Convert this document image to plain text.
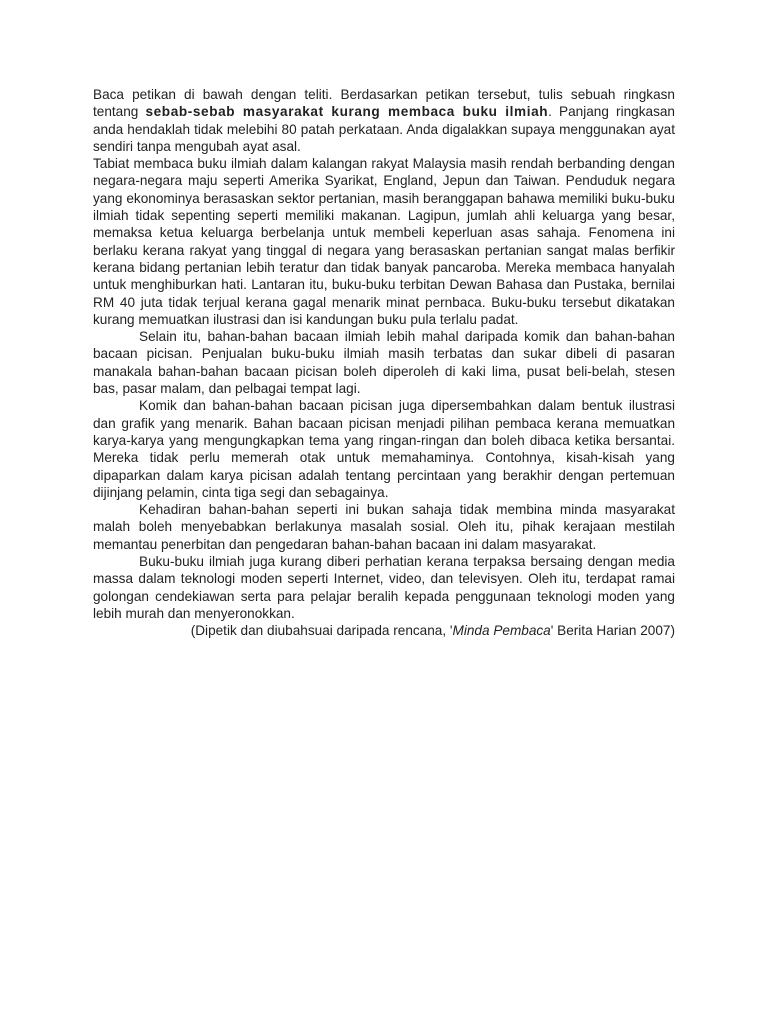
Baca petikan di bawah dengan teliti. Berdasarkan petikan tersebut, tulis sebuah ringkasn tentang sebab-sebab masyarakat kurang membaca buku ilmiah. Panjang ringkasan anda hendaklah tidak melebihi 80 patah perkataan. Anda digalakkan supaya menggunakan ayat sendiri tanpa mengubah ayat asal.

Tabiat membaca buku ilmiah dalam kalangan rakyat Malaysia masih rendah berbanding dengan negara-negara maju seperti Amerika Syarikat, England, Jepun dan Taiwan. Penduduk negara yang ekonominya berasaskan sektor pertanian, masih beranggapan bahawa memiliki buku-buku ilmiah tidak sepenting seperti memiliki makanan. Lagipun, jumlah ahli keluarga yang besar, memaksa ketua keluarga berbelanja untuk membeli keperluan asas sahaja. Fenomena ini berlaku kerana rakyat yang tinggal di negara yang berasaskan pertanian sangat malas berfikir kerana bidang pertanian lebih teratur dan tidak banyak pancaroba. Mereka membaca hanyalah untuk menghiburkan hati. Lantaran itu, buku-buku terbitan Dewan Bahasa dan Pustaka, bernilai RM 40 juta tidak terjual kerana gagal menarik minat pernbaca. Buku-buku tersebut dikatakan kurang memuatkan ilustrasi dan isi kandungan buku pula terlalu padat.

Selain itu, bahan-bahan bacaan ilmiah lebih mahal daripada komik dan bahan-bahan bacaan picisan. Penjualan buku-buku ilmiah masih terbatas dan sukar dibeli di pasaran manakala bahan-bahan bacaan picisan boleh diperoleh di kaki lima, pusat beli-belah, stesen bas, pasar malam, dan pelbagai tempat lagi.

Komik dan bahan-bahan bacaan picisan juga dipersembahkan dalam bentuk ilustrasi dan grafik yang menarik. Bahan bacaan picisan menjadi pilihan pembaca kerana memuatkan karya-karya yang mengungkapkan tema yang ringan-ringan dan boleh dibaca ketika bersantai. Mereka tidak perlu memerah otak untuk memahaminya. Contohnya, kisah-kisah yang dipaparkan dalam karya picisan adalah tentang percintaan yang berakhir dengan pertemuan dijinjang pelamin, cinta tiga segi dan sebagainya.

Kehadiran bahan-bahan seperti ini bukan sahaja tidak membina minda masyarakat malah boleh menyebabkan berlakunya masalah sosial. Oleh itu, pihak kerajaan mestilah memantau penerbitan dan pengedaran bahan-bahan bacaan ini dalam masyarakat.

Buku-buku ilmiah juga kurang diberi perhatian kerana terpaksa bersaing dengan media massa dalam teknologi moden seperti Internet, video, dan televisyen. Oleh itu, terdapat ramai golongan cendekiawan serta para pelajar beralih kepada penggunaan teknologi moden yang lebih murah dan menyeronokkan.

(Dipetik dan diubahsuai daripada rencana, 'Minda Pembaca' Berita Harian 2007)
